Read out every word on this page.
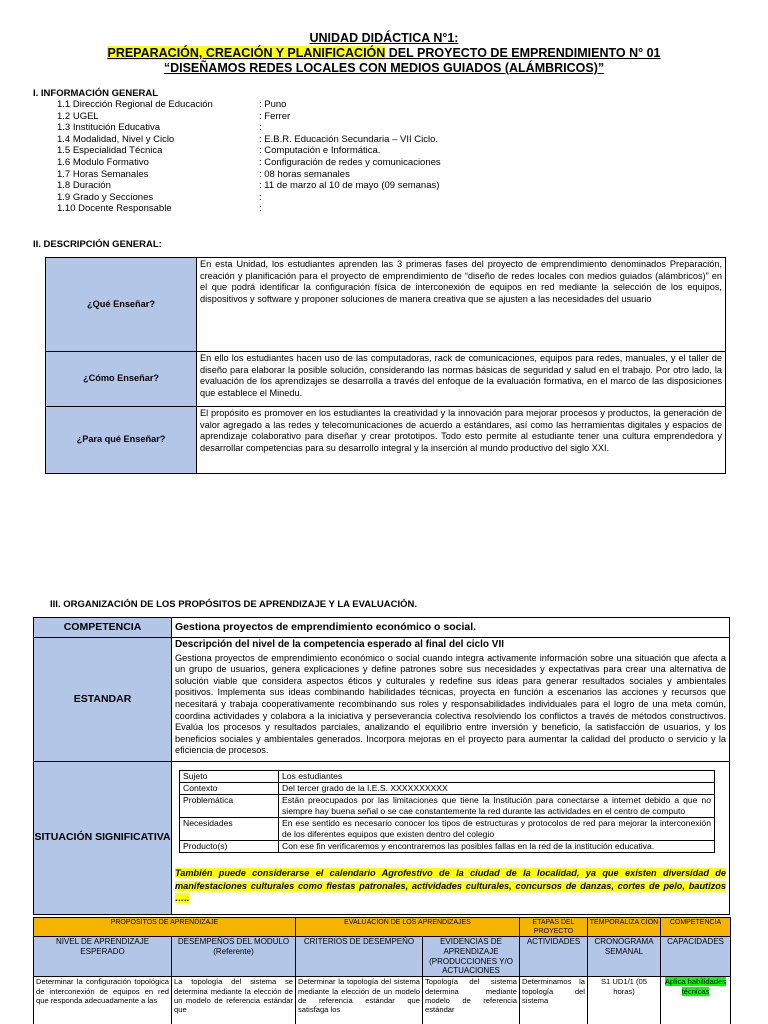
UNIDAD DIDÁCTICA N°1:
PREPARACIÓN, CREACIÓN Y PLANIFICACIÓN DEL PROYECTO DE EMPRENDIMIENTO N° 01
“DISEÑAMOS REDES LOCALES CON MEDIOS GUIADOS (ALÁMBRICOS)”
I. INFORMACIÓN GENERAL
1.1 Dirección Regional de Educación	: Puno
1.2 UGEL	: Ferrer
1.3 Institución Educativa	:
1.4 Modalidad, Nivel y Ciclo	: E.B.R. Educación Secundaria – VII Ciclo.
1.5 Especialidad Técnica	: Computación e Informática.
1.6 Modulo Formativo	: Configuración de redes y comunicaciones
1.7 Horas Semanales	: 08 horas semanales
1.8 Duración	: 11 de marzo al 10 de mayo (09 semanas)
1.9 Grado y Secciones	:
1.10 Docente Responsable	:
II. DESCRIPCIÓN GENERAL:
¿Qué Enseñar?	En esta Unidad, los estudiantes aprenden las 3 primeras fases del proyecto de emprendimiento denominados Preparación, creación y planificación para el proyecto de emprendimiento de “diseño de redes locales con medios guiados (alámbricos)” en el que podrá identificar la configuración física de interconexión de equipos en red mediante la selección de los equipos, dispositivos y software y proponer soluciones de manera creativa que se ajusten a las necesidades del usuario
¿Cómo Enseñar?	En ello los estudiantes hacen uso de las computadoras, rack de comunicaciones, equipos para redes, manuales, y el taller de diseño para elaborar la posible solución, considerando las normas básicas de seguridad y salud en el trabajo. Por otro lado, la evaluación de los aprendizajes se desarrolla a través del enfoque de la evaluación formativa, en el marco de las disposiciones que establece el Minedu.
¿Para qué Enseñar?	El propósito es promover en los estudiantes la creatividad y la innovación para mejorar procesos y productos, la generación de valor agregado a las redes y telecomunicaciones de acuerdo a estándares, así como las herramientas digitales y espacios de aprendizaje colaborativo para diseñar y crear prototipos. Todo esto permite al estudiante tener una cultura emprendedora y desarrollar competencias para su desarrollo integral y la inserción al mundo productivo del siglo XXI.
III. ORGANIZACIÓN DE LOS PROPÓSITOS DE APRENDIZAJE Y LA EVALUACIÓN.
COMPETENCIA	Gestiona proyectos de emprendimiento económico o social.
ESTANDAR	
Descripción del nivel de la competencia esperado al final del ciclo VII
Gestiona proyectos de emprendimiento económico o social cuando integra activamente información sobre una situación que afecta a un grupo de usuarios, genera explicaciones y define patrones sobre sus necesidades y expectativas para crear una alternativa de solución viable que considera aspectos éticos y culturales y redefine sus ideas para generar resultados sociales y ambientales positivos. Implementa sus ideas combinando habilidades técnicas, proyecta en función a escenarios las acciones y recursos que necesitará y trabaja cooperativamente recombinando sus roles y responsabilidades individuales para el logro de una meta común, coordina actividades y colabora a la iniciativa y perseverancia colectiva resolviendo los conflictos a través de métodos constructivos. Evalúa los procesos y resultados parciales, analizando el equilibrio entre inversión y beneficio, la satisfacción de usuarios, y los beneficios sociales y ambientales generados. Incorpora mejoras en el proyecto para aumentar la calidad del producto o servicio y la eficiencia de procesos.

SITUACIÓN SIGNIFICATIVA	
Sujeto	Los estudiantes
Contexto	Del tercer grado de la I.E.S. XXXXXXXXXX
Problemática	Están preocupados por las limitaciones que tiene la Institución para conectarse a internet debido a que no siempre hay buena señal o se cae constantemente la red durante las actividades en el centro de computo
Necesidades	En ese sentido es necesario conocer los tipos de estructuras y protocolos de red para mejorar la interconexión de los diferentes equipos que existen dentro del colegio
Producto(s)	Con ese fin verificaremos y encontraremos las posibles fallas en la red de la institución educativa.
También puede considerarse el calendario Agrofestivo de la ciudad de la localidad, ya que existen diversidad de manifestaciones culturales como fiestas patronales, actividades culturales, concursos de danzas, cortes de pelo, bautizos …..
PROPOSITOS DE APRENDIZAJE		EVALUACION DE LOS APRENDIZAJES		ETAPAS DEL PROYECTO	TEMPORALIZA CIÓN	COMPETENCIA
NIVEL DE APRENDIZAJE ESPERADO	DESEMPEÑOS DEL MODULO (Referente)	CRITERIOS DE DESEMPEÑO	EVIDENCIAS DE APRENDIZAJE (PRODUCCIONES Y/O ACTUACIONES	ACTIVIDADES	CRONOGRAMA SEMANAL	CAPACIDADES
Determinar la configuración topológica de interconexión de equipos en red que responda adecuadamente a las	La topología del sistema se determina mediante la elección de un modelo de referencia estándar que	Determinar la topología del sistema mediante la elección de un modelo de referencia estándar que satisfaga los	Topología del sistema determina mediante modelo de referencia estándar	Determinamos la topología del sistema	S1 UD1/1 (05 horas)	Aplica habilidades técnicas
